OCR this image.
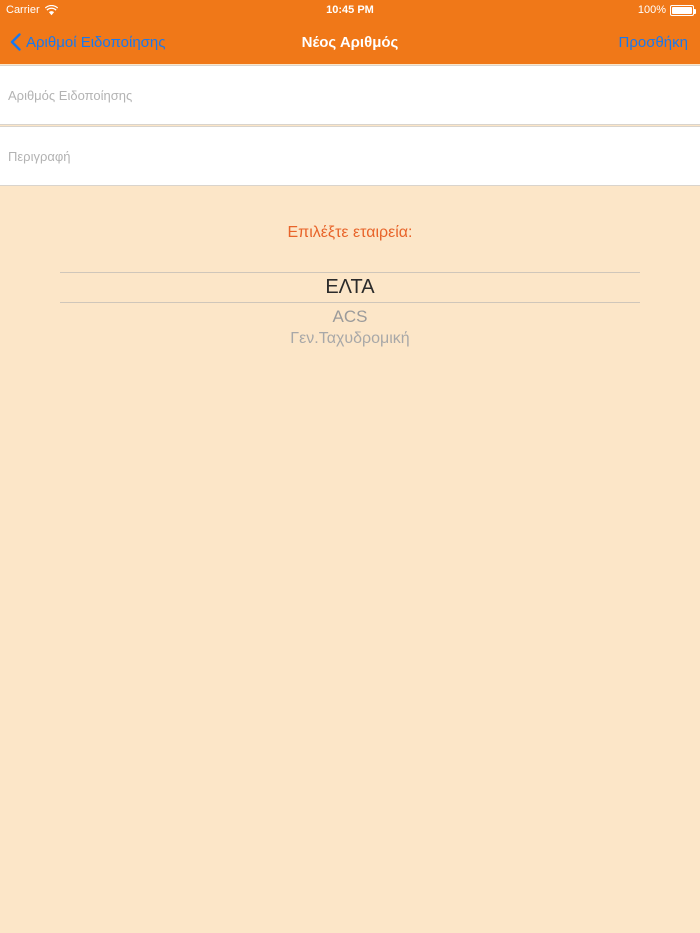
Carrier	10:45 PM	100%
Αριθμοί Ειδοποίησης	Νέος Αριθμός	Προσθήκη
Αριθμός Ειδοποίησης
Περιγραφή
Επιλέξτε εταιρεία:
ΕΛΤΑ
ACS
Γεν.Ταχυδρομική
